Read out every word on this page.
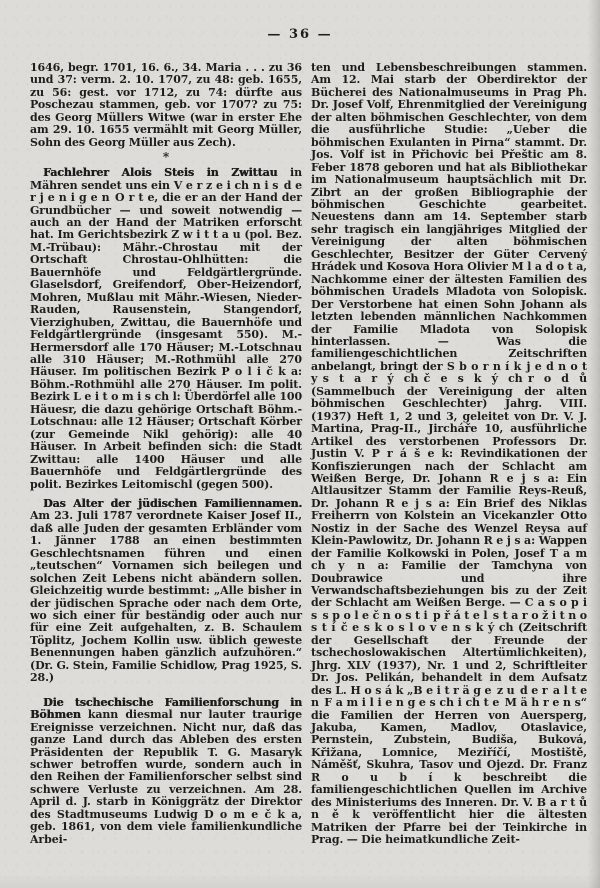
— 36 —

1646, begr. 1701, 16. 6., 34. Maria . . . zu 36 und 37: verm. 2. 10. 1707, zu 48: geb. 1655, zu 56: gest. vor 1712, zu 74: dürfte aus Poschezau stammen, geb. vor 1707? zu 75: des Georg Müllers Witwe (war in erster Ehe am 29. 10. 1655 vermählt mit Georg Müller, Sohn des Georg Müller aus Zech).

*

Fachlehrer Alois Steis in Zwittau in Mähren sendet uns ein V e r z e i ch n i s d e r j e n i g e n O r t e, die er an der Hand der Grundbücher — und soweit notwendig — auch an der Hand der Matriken erforscht hat. Im Gerichtsbezirk Z w i t t a u (pol. Bez. M.-Trübau): Mähr.-Chrostau mit der Ortschaft Chrostau-Ohlhütten: die Bauernhöfe und Feldgärtlergründe. Glaselsdorf, Greifendorf, Ober-Heizendorf, Mohren, Mußlau mit Mähr.-Wiesen, Nieder-Rauden, Rausenstein, Stangendorf, Vierzighuben, Zwittau, die Bauernhöfe und Feldgärtlergründe (insgesamt 550). M.-Hermersdorf alle 170 Häuser; M.-Lotschnau alle 310 Häuser; M.-Rothmühl alle 270 Häuser. Im politischen Bezirk P o l i č k a: Böhm.-Rothmühl alle 270 Häuser. Im polit. Bezirk L e i t o m i s ch l: Überdörfel alle 100 Häuesr, die dazu gehörige Ortschaft Böhm.-Lotschnau: alle 12 Häuser; Ortschaft Körber (zur Gemeinde Nikl gehörig): alle 40 Häuser. In Arbeit befinden sich: die Stadt Zwittau: alle 1400 Häuser und alle Bauernhöfe und Feldgärtlergründe des polit. Bezirkes Leitomischl (gegen 500).

Das Alter der jüdischen Familiennamen. Am 23. Juli 1787 verordnete Kaiser Josef II., daß alle Juden der gesamten Erbländer vom 1. Jänner 1788 an einen bestimmten Geschlechtsnamen führen und einen „teutschen“ Vornamen sich beilegen und solchen Zeit Lebens nicht abändern sollen. Gleichzeitig wurde bestimmt: „Alle bisher in der jüdischen Sprache oder nach dem Orte, wo sich einer für beständig oder auch nur für eine Zeit aufgehalten, z. B. Schaulem Töplitz, Jochem Kollin usw. üblich geweste Benennungen haben gänzlich aufzuhören.“ (Dr. G. Stein, Familie Schidlow, Prag 1925, S. 28.)

Die tschechische Familienforschung in Böhmen kann diesmal nur lauter traurige Ereignisse verzeichnen. Nicht nur, daß das ganze Land durch das Ableben des ersten Präsidenten der Republik T. G. Masaryk schwer betroffen wurde, sondern auch in den Reihen der Familienforscher selbst sind schwere Verluste zu verzeichnen. Am 28. April d. J. starb in Königgrätz der Direktor des Stadtmuseums Ludwig D o m e č k a, geb. 1861, von dem viele familienkundliche Arbei-

ten und Lebensbeschreibungen stammen. Am 12. Mai starb der Oberdirektor der Bücherei des Nationalmuseums in Prag Ph. Dr. Josef Volf, Ehrenmitglied der Vereinigung der alten böhmischen Geschlechter, von dem die ausführliche Studie: „Ueber die böhmischen Exulanten in Pirna“ stammt. Dr. Jos. Volf ist in Přichovic bei Přeštic am 8. Feber 1878 geboren und hat als Bibliothekar im Nationalmuseum hauptsächlich mit Dr. Zibrt an der großen Bibliographie der böhmischen Geschichte gearbeitet. Neuestens dann am 14. September starb sehr tragisch ein langjähriges Mitglied der Vereinigung der alten böhmischen Geschlechter, Besitzer der Güter Cervený Hrádek und Kosova Hora Olivier M l a d o t a, Nachkomme einer der ältesten Familien des böhmischen Uradels Mladota von Solopisk. Der Verstorbene hat einen Sohn Johann als letzten lebenden männlichen Nachkommen der Familie Mladota von Solopisk hinterlassen. — Was die familiengeschichtlichen Zeitschriften anbelangt, bringt der S b o r n í k j e d n o t y s t a r ý ch č e s k ý ch r o d ů (Sammelbuch der Vereinigung der alten böhmischen Geschlechter) Jahrg. VIII. (1937) Heft 1, 2 und 3, geleitet von Dr. V. J. Martina, Prag-II., Jircháře 10, ausführliche Artikel des verstorbenen Professors Dr. Justin V. P r á š e k: Revindikationen der Konfiszierungen nach der Schlacht am Weißen Berge, Dr. Johann R e j s a: Ein Altlausitzer Stamm der Familie Reys-Reuß, Dr. Johann R e j s a: Ein Brief des Niklas Freiherrn von Kolstein an Vicekanzler Otto Nostiz in der Sache des Wenzel Reysa auf Klein-Pawlowitz, Dr. Johann R e j s a: Wappen der Familie Kolkowski in Polen, Josef T a m ch y n a: Familie der Tamchyna von Doubrawice und ihre Verwandschaftsbeziehungen bis zu der Zeit der Schlacht am Weißen Berge. — C a s o p i s s p o l e č n o s t i p ř á t e l s t a r o ž i t n o s t í č e s k o s l o v e n s k ý ch (Zeitschrift der Gesellschaft der Freunde der tschechoslowakischen Altertümlichkeiten), Jhrg. XLV (1937), Nr. 1 und 2, Schriftleiter Dr. Jos. Pelikán, behandelt in dem Aufsatz des L. H o s á k „B e i t r ä g e z u d e r a l t e n F a m i l i e n g e s ch i ch t e M ä h r e n s“ die Familien der Herren von Auersperg, Jakuba, Kamen, Madlov, Otaslavice, Pernstein, Zubstein, Budiša, Buková, Křižana, Lomnice, Meziříčí, Mostiště, Náměšť, Skuhra, Tasov und Ojezd. Dr. Franz R o u b í k beschreibt die familiengeschichtlichen Quellen im Archive des Ministeriums des Inneren. Dr. V. B a r t ů n ě k veröffentlicht hier die ältesten Matriken der Pfarre bei der Teinkirche in Prag. — Die heimatkundliche Zeit-
